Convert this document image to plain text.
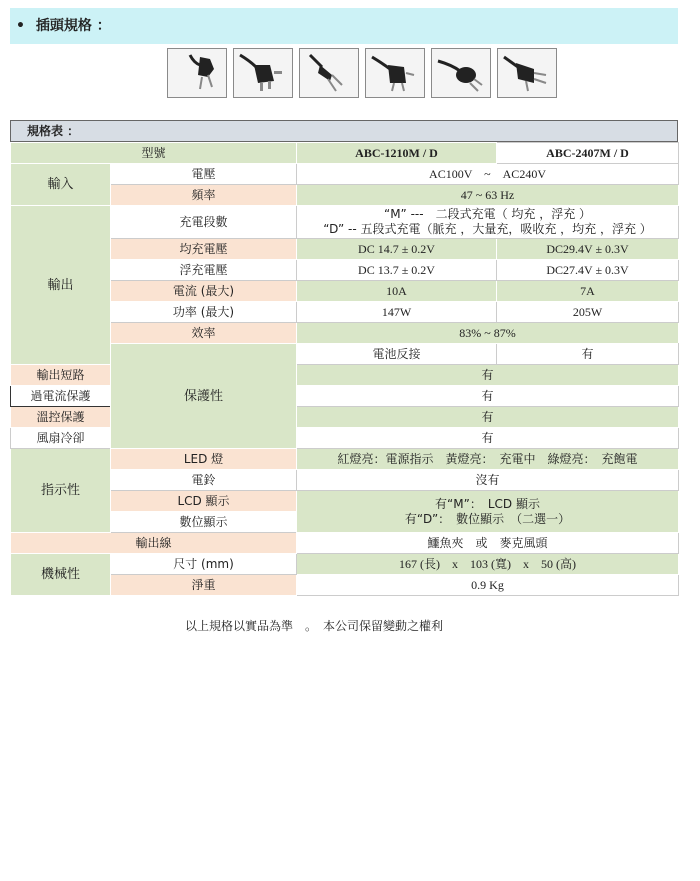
• 插頭規格 ：
規格表 ：
型號		ABC-1210M / D	ABC-2407M / D
輸入	電壓	AC100V　~　AC240V	
	頻率	47 ~ 63 Hz	
輸出	充電段數	“M” ---　二段式充電（ 均充 ，浮充 ）
“D” -- 五段式充電（脈充 ，大量充，吸收充 ，均充 ，浮充 ）	

	均充電壓	DC 14.7 ± 0.2V	DC29.4V ± 0.3V
	浮充電壓	DC 13.7 ± 0.2V	DC27.4V ± 0.3V
	電流 (最大)	10A	7A
	功率 (最大)	147W	205W
	效率	83% ~ 87%	
	保護性	電池反接	有
輸出短路		有	
過電流保護		有	
溫控保護		有	
風扇冷卻		有	
指示性	LED 燈	紅燈亮：電源指示　黃燈亮：　充電中　綠燈亮：　充飽電	
	電鈴	沒有	
	LCD 顯示	有“M”：　LCD 顯示
有“D”：　數位顯示　（二選一）	

	數位顯示		
輸出線		鱷魚夾　或　麥克風頭	
機械性	尺寸 (mm)	167 (長)　x　103 (寬)　x　50 (高)	
	淨重	0.9 Kg	
以上規格以實品為準　。　本公司保留變動之權利
